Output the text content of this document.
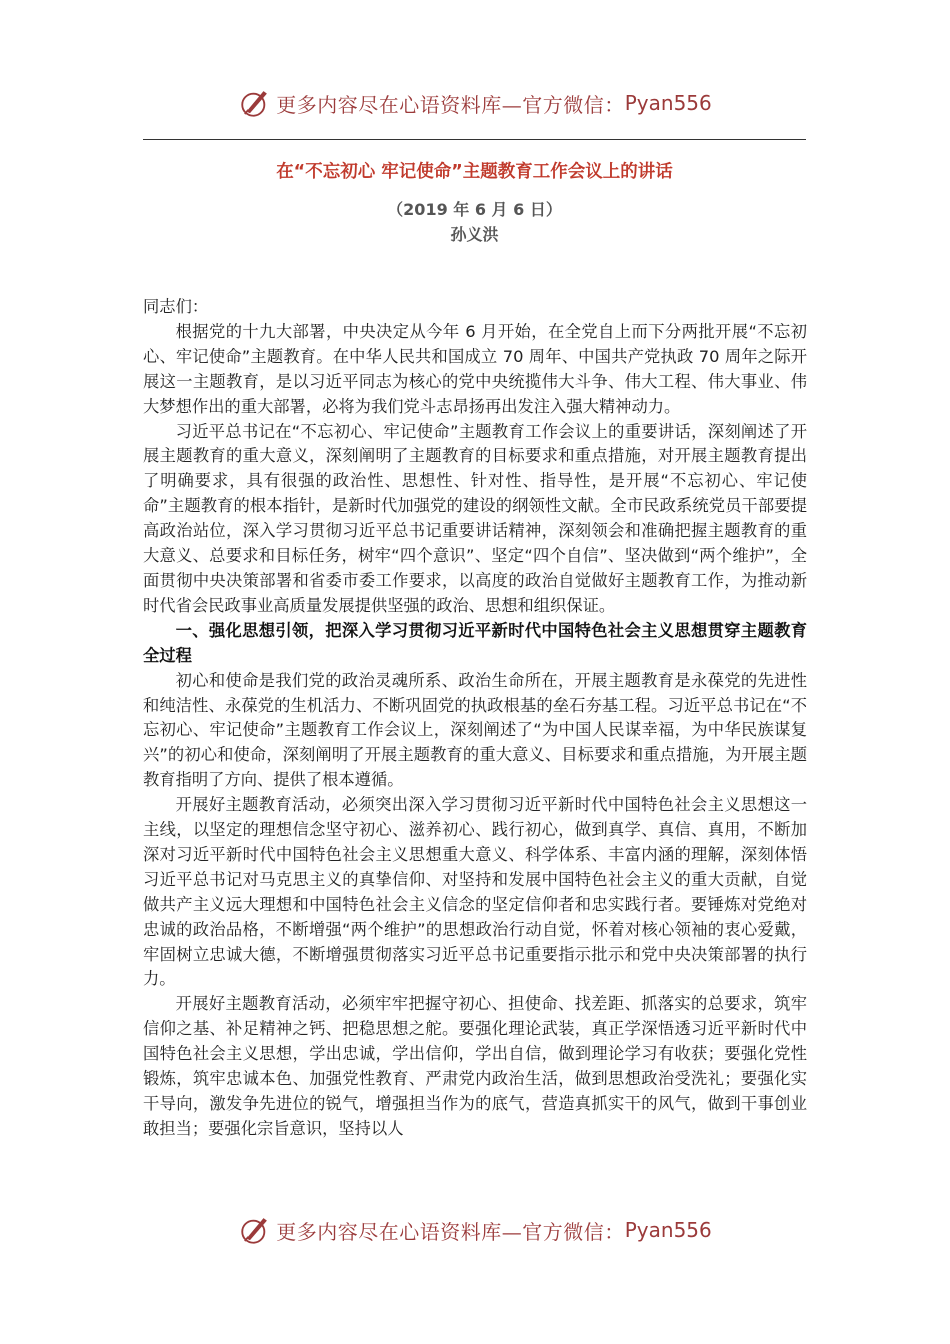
更多内容尽在心语资料库—官方微信： Pyan556
在“不忘初心 牢记使命”主题教育工作会议上的讲话
（2019 年 6 月 6 日）
孙义洪

同志们：

根据党的十九大部署，中央决定从今年 6 月开始，在全党自上而下分两批开展“不忘初心、牢记使命”主题教育。在中华人民共和国成立 70 周年、中国共产党执政 70 周年之际开展这一主题教育，是以习近平同志为核心的党中央统揽伟大斗争、伟大工程、伟大事业、伟大梦想作出的重大部署，必将为我们党斗志昂扬再出发注入强大精神动力。

习近平总书记在“不忘初心、牢记使命”主题教育工作会议上的重要讲话，深刻阐述了开展主题教育的重大意义，深刻阐明了主题教育的目标要求和重点措施，对开展主题教育提出了明确要求，具有很强的政治性、思想性、针对性、指导性，是开展“不忘初心、牢记使命”主题教育的根本指针，是新时代加强党的建设的纲领性文献。全市民政系统党员干部要提高政治站位，深入学习贯彻习近平总书记重要讲话精神，深刻领会和准确把握主题教育的重大意义、总要求和目标任务，树牢“四个意识”、坚定“四个自信”、坚决做到“两个维护”，全面贯彻中央决策部署和省委市委工作要求，以高度的政治自觉做好主题教育工作，为推动新时代省会民政事业高质量发展提供坚强的政治、思想和组织保证。

一、强化思想引领，把深入学习贯彻习近平新时代中国特色社会主义思想贯穿主题教育全过程

初心和使命是我们党的政治灵魂所系、政治生命所在，开展主题教育是永葆党的先进性和纯洁性、永葆党的生机活力、不断巩固党的执政根基的垒石夯基工程。习近平总书记在“不忘初心、牢记使命”主题教育工作会议上，深刻阐述了“为中国人民谋幸福，为中华民族谋复兴”的初心和使命，深刻阐明了开展主题教育的重大意义、目标要求和重点措施，为开展主题教育指明了方向、提供了根本遵循。

开展好主题教育活动，必须突出深入学习贯彻习近平新时代中国特色社会主义思想这一主线，以坚定的理想信念坚守初心、滋养初心、践行初心，做到真学、真信、真用，不断加深对习近平新时代中国特色社会主义思想重大意义、科学体系、丰富内涵的理解，深刻体悟习近平总书记对马克思主义的真挚信仰、对坚持和发展中国特色社会主义的重大贡献，自觉做共产主义远大理想和中国特色社会主义信念的坚定信仰者和忠实践行者。要锤炼对党绝对忠诚的政治品格，不断增强“两个维护”的思想政治行动自觉，怀着对核心领袖的衷心爱戴，牢固树立忠诚大德，不断增强贯彻落实习近平总书记重要指示批示和党中央决策部署的执行力。

开展好主题教育活动，必须牢牢把握守初心、担使命、找差距、抓落实的总要求，筑牢信仰之基、补足精神之钙、把稳思想之舵。要强化理论武装，真正学深悟透习近平新时代中国特色社会主义思想，学出忠诚，学出信仰，学出自信，做到理论学习有收获；要强化党性锻炼，筑牢忠诚本色、加强党性教育、严肃党内政治生活，做到思想政治受洗礼；要强化实干导向，激发争先进位的锐气，增强担当作为的底气，营造真抓实干的风气，做到干事创业敢担当；要强化宗旨意识，坚持以人

更多内容尽在心语资料库—官方微信： Pyan556
